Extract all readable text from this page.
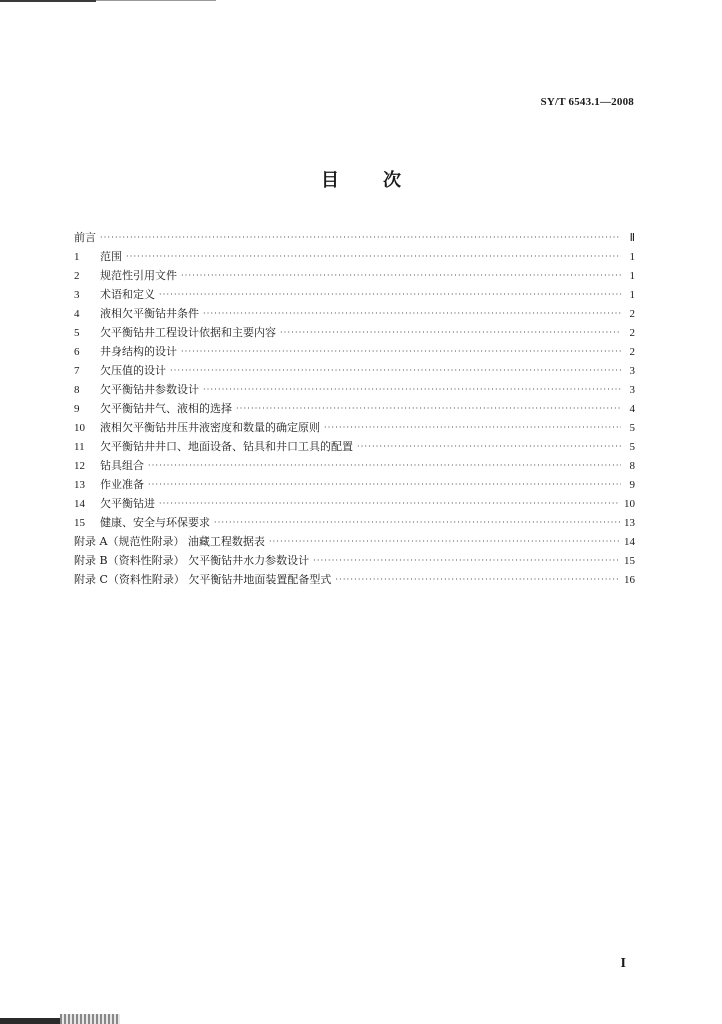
SY/T 6543.1—2008
目 次
前言 ·····	Ⅱ
1	范围 ·····	1
2	规范性引用文件 ·····	1
3	术语和定义 ·····	1
4	液相欠平衡钻井条件 ·····	2
5	欠平衡钻井工程设计依据和主要内容 ·····	2
6	井身结构的设计 ·····	2
7	欠压值的设计 ·····	3
8	欠平衡钻井参数设计 ·····	3
9	欠平衡钻井气、液相的选择 ·····	4
10	液相欠平衡钻井压井液密度和数量的确定原则 ·····	5
11	欠平衡钻井井口、地面设备、钻具和井口工具的配置 ·····	5
12	钻具组合 ·····	8
13	作业准备 ·····	9
14	欠平衡钻进 ·····	10
15	健康、安全与环保要求 ·····	13
附录 A（规范性附录） 油藏工程数据表 ·····	14
附录 B（资料性附录） 欠平衡钻井水力参数设计 ·····	15
附录 C（资料性附录） 欠平衡钻井地面装置配备型式 ·····	16
I
